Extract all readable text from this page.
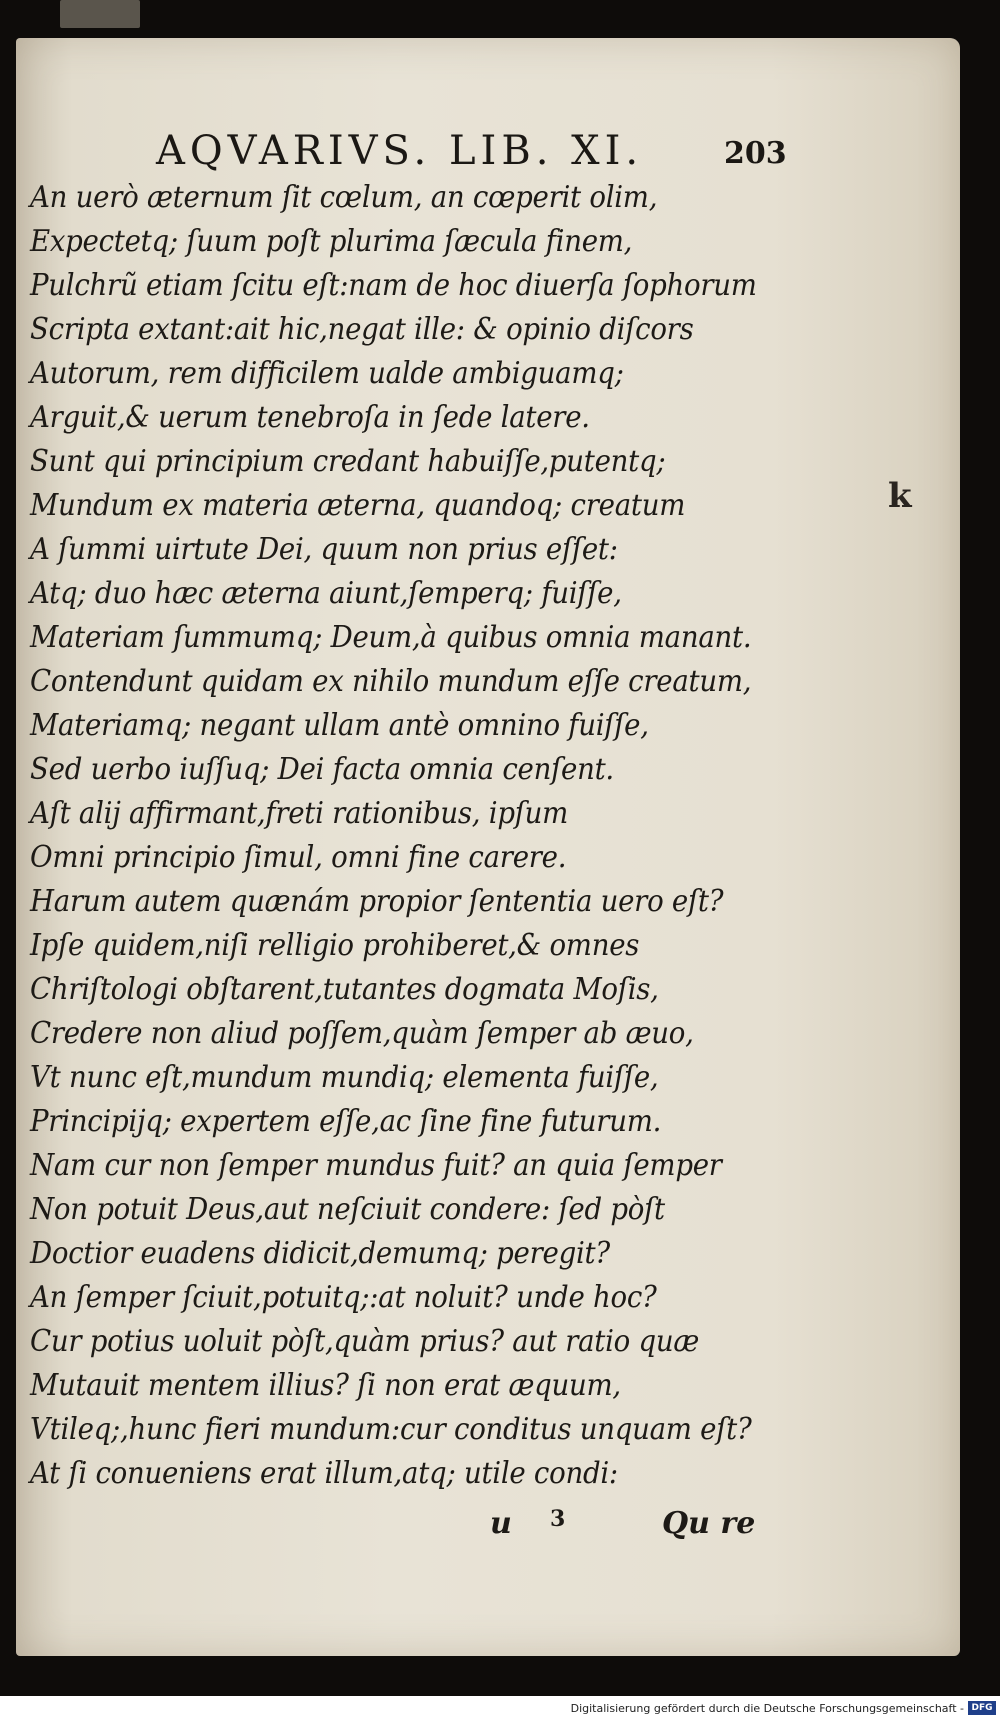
AQVARIVS. LIB. XI.	203
An uerò æternum ſit cœlum, an cœperit olim,
Expectetq; ſuum poſt plurima ſæcula finem,
Pulchrũ etiam ſcitu eſt:nam de hoc diuerſa ſophorum
Scripta extant:ait hic,negat ille: & opinio diſcors
Autorum, rem difficilem ualde ambiguamq;
Arguit,& uerum tenebroſa in ſede latere.
Sunt qui principium credant habuiſſe,putentq;
Mundum ex materia æterna, quandoq; creatum
A ſummi uirtute Dei, quum non prius eſſet:
Atq; duo hæc æterna aiunt,ſemperq; fuiſſe,
Materiam ſummumq; Deum,à quibus omnia manant.
Contendunt quidam ex nihilo mundum eſſe creatum,
Materiamq; negant ullam antè omnino fuiſſe,
Sed uerbo iuſſuq; Dei facta omnia cenſent.
Aſt alij affirmant,freti rationibus, ipſum
Omni principio ſimul, omni fine carere.
Harum autem quænám propior ſententia uero eſt?
Ipſe quidem,niſi relligio prohiberet,& omnes
Chriſtologi obſtarent,tutantes dogmata Moſis,
Credere non aliud poſſem,quàm ſemper ab æuo,
Vt nunc eſt,mundum mundiq; elementa fuiſſe,
Principijq; expertem eſſe,ac ſine fine futurum.
Nam cur non ſemper mundus fuit? an quia ſemper
Non potuit Deus,aut neſciuit condere: ſed pòſt
Doctior euadens didicit,demumq; peregit?
An ſemper ſciuit,potuitq;:at noluit? unde hoc?
Cur potius uoluit pòſt,quàm prius? aut ratio quæ
Mutauit mentem illius? ſi non erat æquum,
Vtileq;,hunc fieri mundum:cur conditus unquam eſt?
At ſi conueniens erat illum,atq; utile condi:
u 3	Qu re
k
Digitalisierung gefördert durch die Deutsche Forschungsgemeinschaft - DFG
